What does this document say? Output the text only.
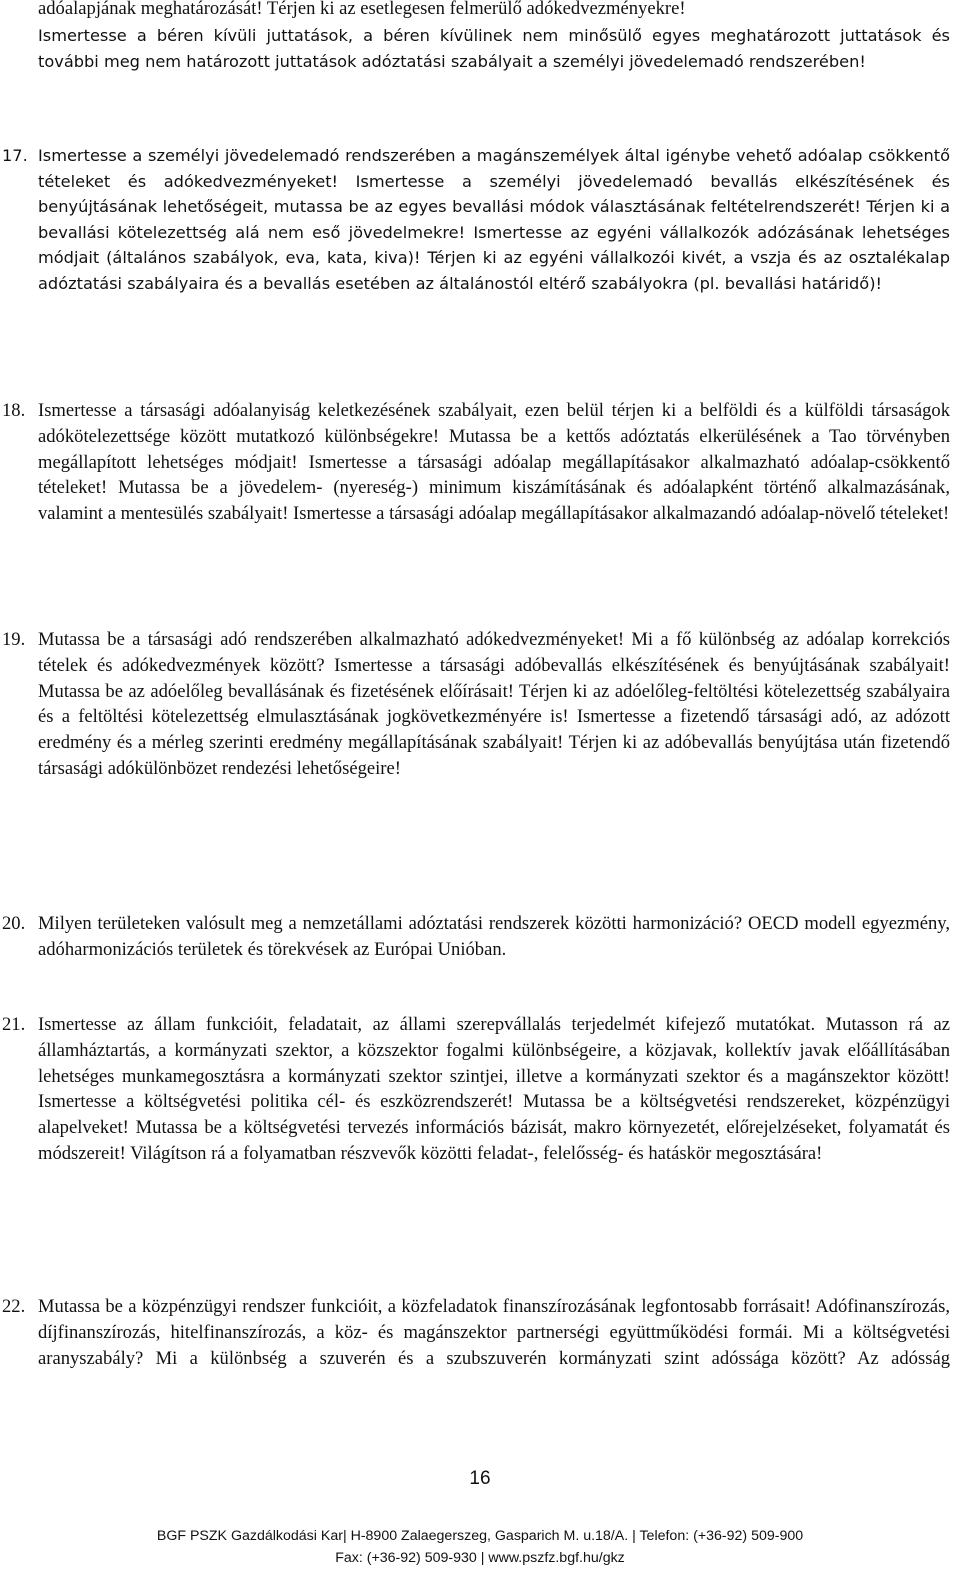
adóalapjának meghatározását! Térjen ki az esetlegesen felmerülő adókedvezményekre!
Ismertesse a béren kívüli juttatások, a béren kívülinek nem minősülő egyes meghatározott juttatások és további meg nem határozott juttatások adóztatási szabályait a személyi jövedelemadó rendszerében!
17. Ismertesse a személyi jövedelemadó rendszerében a magánszemélyek által igénybe vehető adóalap csökkentő tételeket és adókedvezményeket! Ismertesse a személyi jövedelemadó bevallás elkészítésének és benyújtásának lehetőségeit, mutassa be az egyes bevallási módok választásának feltételrendszerét! Térjen ki a bevallási kötelezettség alá nem eső jövedelmekre! Ismertesse az egyéni vállalkozók adózásának lehetséges módjait (általános szabályok, eva, kata, kiva)! Térjen ki az egyéni vállalkozói kivét, a vszja és az osztalékalap adóztatási szabályaira és a bevallás esetében az általánostól eltérő szabályokra (pl. bevallási határidő)!
18. Ismertesse a társasági adóalanyiság keletkezésének szabályait, ezen belül térjen ki a belföldi és a külföldi társaságok adókötelezettsége között mutatkozó különbségekre! Mutassa be a kettős adóztatás elkerülésének a Tao törvényben megállapított lehetséges módjait! Ismertesse a társasági adóalap megállapításakor alkalmazható adóalap-csökkentő tételeket! Mutassa be a jövedelem- (nyereség-) minimum kiszámításának és adóalapként történő alkalmazásának, valamint a mentesülés szabályait! Ismertesse a társasági adóalap megállapításakor alkalmazandó adóalap-növelő tételeket!
19. Mutassa be a társasági adó rendszerében alkalmazható adókedvezményeket! Mi a fő különbség az adóalap korrekciós tételek és adókedvezmények között? Ismertesse a társasági adóbevallás elkészítésének és benyújtásának szabályait! Mutassa be az adóelőleg bevallásának és fizetésének előírásait! Térjen ki az adóelőleg-feltöltési kötelezettség szabályaira és a feltöltési kötelezettség elmulasztásának jogkövetkezményére is! Ismertesse a fizetendő társasági adó, az adózott eredmény és a mérleg szerinti eredmény megállapításának szabályait! Térjen ki az adóbevallás benyújtása után fizetendő társasági adókülönbözet rendezési lehetőségeire!
20. Milyen területeken valósult meg a nemzetállami adóztatási rendszerek közötti harmonizáció? OECD modell egyezmény, adóharmonizációs területek és törekvések az Európai Unióban.
21. Ismertesse az állam funkcióit, feladatait, az állami szerepvállalás terjedelmét kifejező mutatókat. Mutasson rá az államháztartás, a kormányzati szektor, a közszektor fogalmi különbségeire, a közjavak, kollektív javak előállításában lehetséges munkamegosztásra a kormányzati szektor szintjei, illetve a kormányzati szektor és a magánszektor között! Ismertesse a költségvetési politika cél- és eszközrendszerét! Mutassa be a költségvetési rendszereket, közpénzügyi alapelveket! Mutassa be a költségvetési tervezés információs bázisát, makro környezetét, előrejelzéseket, folyamatát és módszereit! Világítson rá a folyamatban részvevők közötti feladat-, felelősség- és hatáskör megosztására!
22. Mutassa be a közpénzügyi rendszer funkcióit, a közfeladatok finanszírozásának legfontosabb forrásait! Adófinanszírozás, díjfinanszírozás, hitelfinanszírozás, a köz- és magánszektor partnerségi együttműködési formái. Mi a költségvetési aranyszabály? Mi a különbség a szuverén és a szubszuverén kormányzati szint adóssága között? Az adósság
16
BGF PSZK Gazdálkodási Kar| H-8900 Zalaegerszeg, Gasparich M. u.18/A. | Telefon: (+36-92) 509-900
Fax: (+36-92) 509-930 | www.pszfz.bgf.hu/gkz
